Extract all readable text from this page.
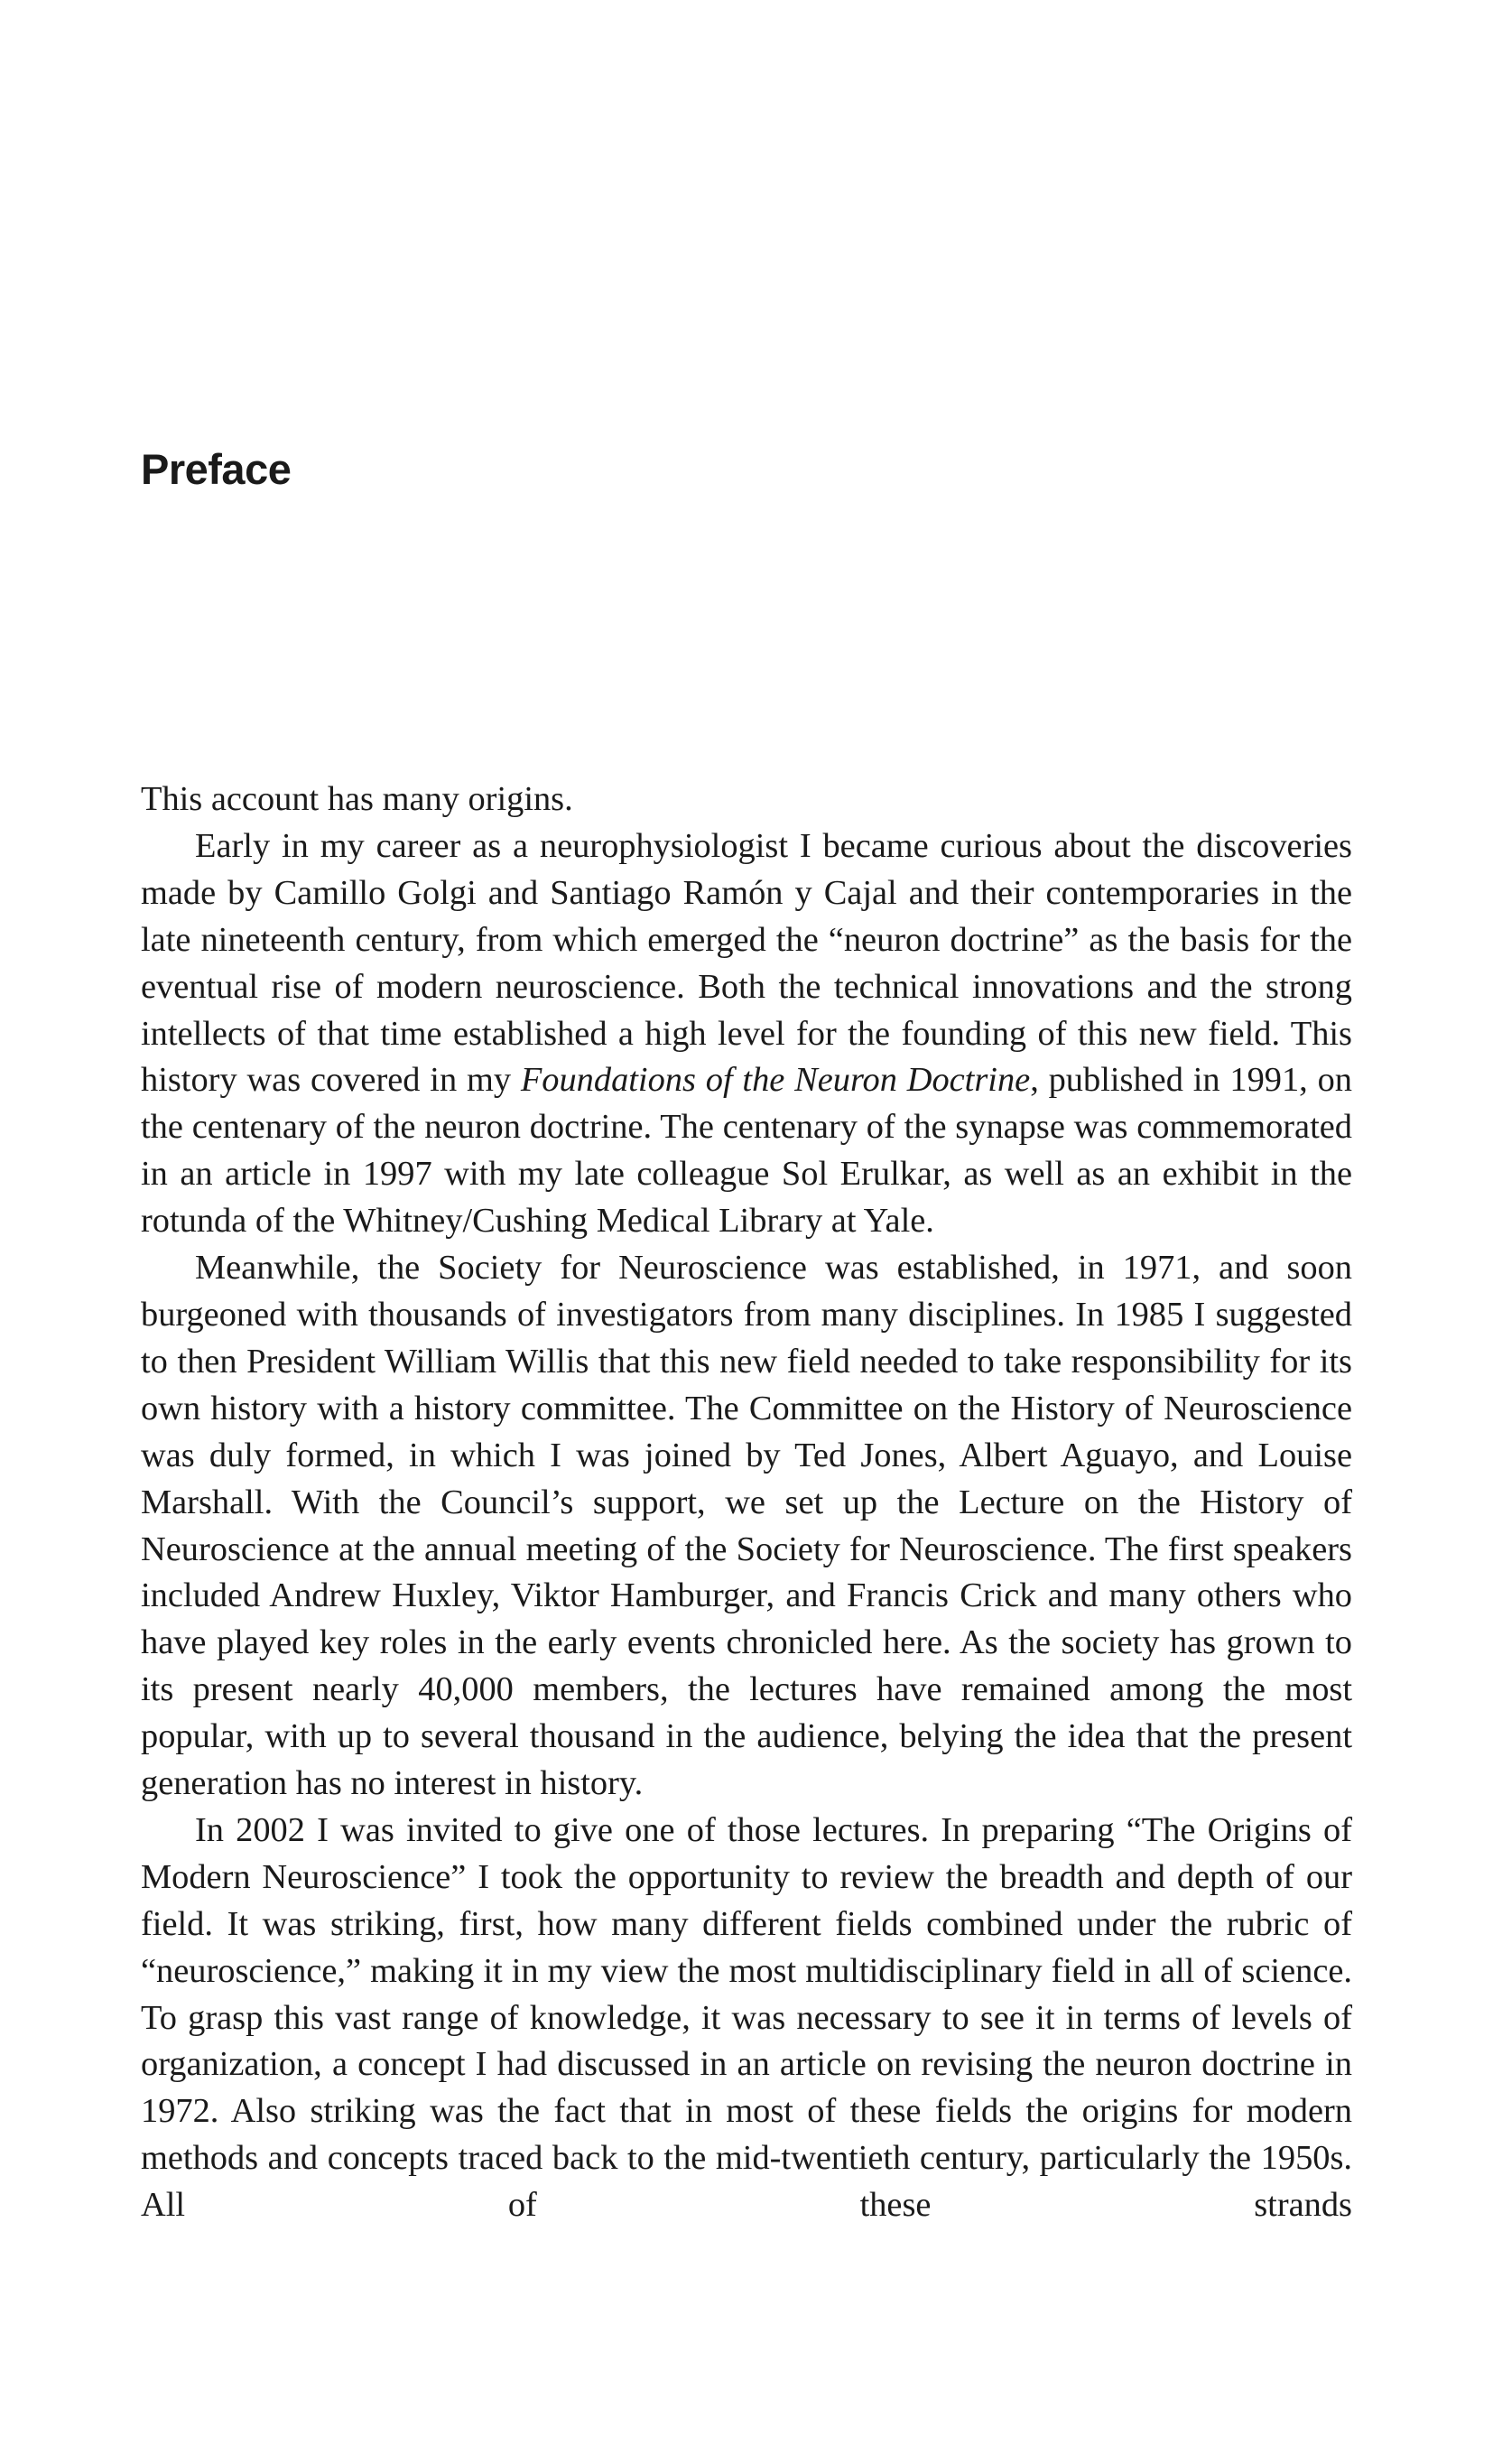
Preface

This account has many origins.

Early in my career as a neurophysiologist I became curious about the discoveries made by Camillo Golgi and Santiago Ramón y Cajal and their contemporaries in the late nineteenth century, from which emerged the “neuron doctrine” as the basis for the eventual rise of modern neuroscience. Both the technical innovations and the strong intellects of that time established a high level for the founding of this new field. This history was covered in my Foundations of the Neuron Doctrine, published in 1991, on the centenary of the neuron doctrine. The centenary of the synapse was commemorated in an article in 1997 with my late colleague Sol Erulkar, as well as an exhibit in the rotunda of the Whitney/Cushing Medical Library at Yale.

Meanwhile, the Society for Neuroscience was established, in 1971, and soon burgeoned with thousands of investigators from many disciplines. In 1985 I suggested to then President William Willis that this new field needed to take responsibility for its own history with a history committee. The Committee on the History of Neuroscience was duly formed, in which I was joined by Ted Jones, Albert Aguayo, and Louise Marshall. With the Council’s support, we set up the Lecture on the History of Neuroscience at the annual meeting of the Society for Neuroscience. The first speakers included Andrew Huxley, Viktor Hamburger, and Francis Crick and many others who have played key roles in the early events chronicled here. As the society has grown to its present nearly 40,000 members, the lectures have remained among the most popular, with up to several thousand in the audience, belying the idea that the present generation has no interest in history.

In 2002 I was invited to give one of those lectures. In preparing “The Origins of Modern Neuroscience” I took the opportunity to review the breadth and depth of our field. It was striking, first, how many different fields combined under the rubric of “neuroscience,” making it in my view the most multidisciplinary field in all of science. To grasp this vast range of knowledge, it was necessary to see it in terms of levels of organization, a concept I had discussed in an article on revising the neuron doctrine in 1972. Also striking was the fact that in most of these fields the origins for modern methods and concepts traced back to the mid-twentieth century, particularly the 1950s. All of these strands
